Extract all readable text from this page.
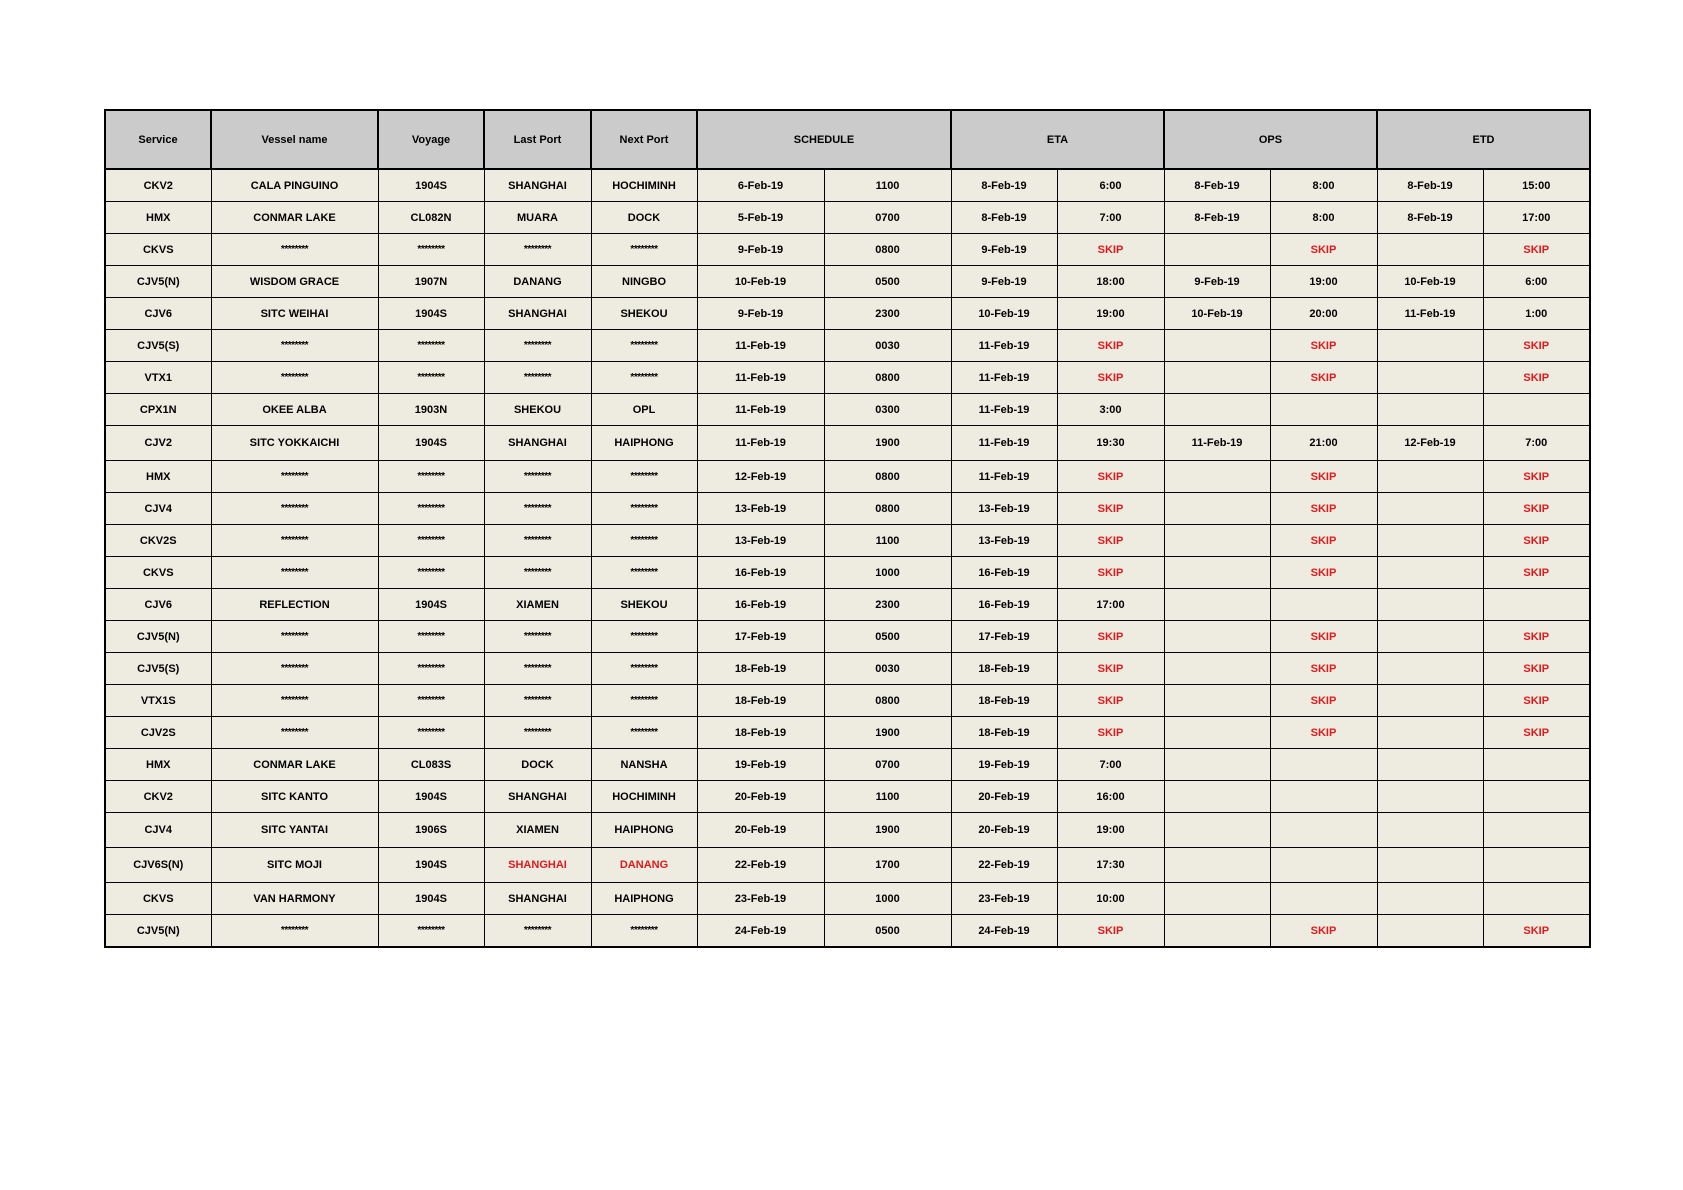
Service	Vessel name	Voyage	Last Port	Next Port	SCHEDULE		ETA		OPS		ETD	
CKV2	CALA PINGUINO	1904S	SHANGHAI	HOCHIMINH	6-Feb-19	1100	8-Feb-19	6:00	8-Feb-19	8:00	8-Feb-19	15:00
HMX	CONMAR LAKE	CL082N	MUARA	DOCK	5-Feb-19	0700	8-Feb-19	7:00	8-Feb-19	8:00	8-Feb-19	17:00
CKVS	********	********	********	********	9-Feb-19	0800	9-Feb-19	SKIP		SKIP		SKIP
CJV5(N)	WISDOM GRACE	1907N	DANANG	NINGBO	10-Feb-19	0500	9-Feb-19	18:00	9-Feb-19	19:00	10-Feb-19	6:00
CJV6	SITC WEIHAI	1904S	SHANGHAI	SHEKOU	9-Feb-19	2300	10-Feb-19	19:00	10-Feb-19	20:00	11-Feb-19	1:00
CJV5(S)	********	********	********	********	11-Feb-19	0030	11-Feb-19	SKIP		SKIP		SKIP
VTX1	********	********	********	********	11-Feb-19	0800	11-Feb-19	SKIP		SKIP		SKIP
CPX1N	OKEE ALBA	1903N	SHEKOU	OPL	11-Feb-19	0300	11-Feb-19	3:00				
CJV2	SITC YOKKAICHI	1904S	SHANGHAI	HAIPHONG	11-Feb-19	1900	11-Feb-19	19:30	11-Feb-19	21:00	12-Feb-19	7:00
HMX	********	********	********	********	12-Feb-19	0800	11-Feb-19	SKIP		SKIP		SKIP
CJV4	********	********	********	********	13-Feb-19	0800	13-Feb-19	SKIP		SKIP		SKIP
CKV2S	********	********	********	********	13-Feb-19	1100	13-Feb-19	SKIP		SKIP		SKIP
CKVS	********	********	********	********	16-Feb-19	1000	16-Feb-19	SKIP		SKIP		SKIP
CJV6	REFLECTION	1904S	XIAMEN	SHEKOU	16-Feb-19	2300	16-Feb-19	17:00				
CJV5(N)	********	********	********	********	17-Feb-19	0500	17-Feb-19	SKIP		SKIP		SKIP
CJV5(S)	********	********	********	********	18-Feb-19	0030	18-Feb-19	SKIP		SKIP		SKIP
VTX1S	********	********	********	********	18-Feb-19	0800	18-Feb-19	SKIP		SKIP		SKIP
CJV2S	********	********	********	********	18-Feb-19	1900	18-Feb-19	SKIP		SKIP		SKIP
HMX	CONMAR LAKE	CL083S	DOCK	NANSHA	19-Feb-19	0700	19-Feb-19	7:00				
CKV2	SITC KANTO	1904S	SHANGHAI	HOCHIMINH	20-Feb-19	1100	20-Feb-19	16:00				
CJV4	SITC YANTAI	1906S	XIAMEN	HAIPHONG	20-Feb-19	1900	20-Feb-19	19:00				
CJV6S(N)	SITC MOJI	1904S	SHANGHAI	DANANG	22-Feb-19	1700	22-Feb-19	17:30				
CKVS	VAN HARMONY	1904S	SHANGHAI	HAIPHONG	23-Feb-19	1000	23-Feb-19	10:00				
CJV5(N)	********	********	********	********	24-Feb-19	0500	24-Feb-19	SKIP		SKIP		SKIP
